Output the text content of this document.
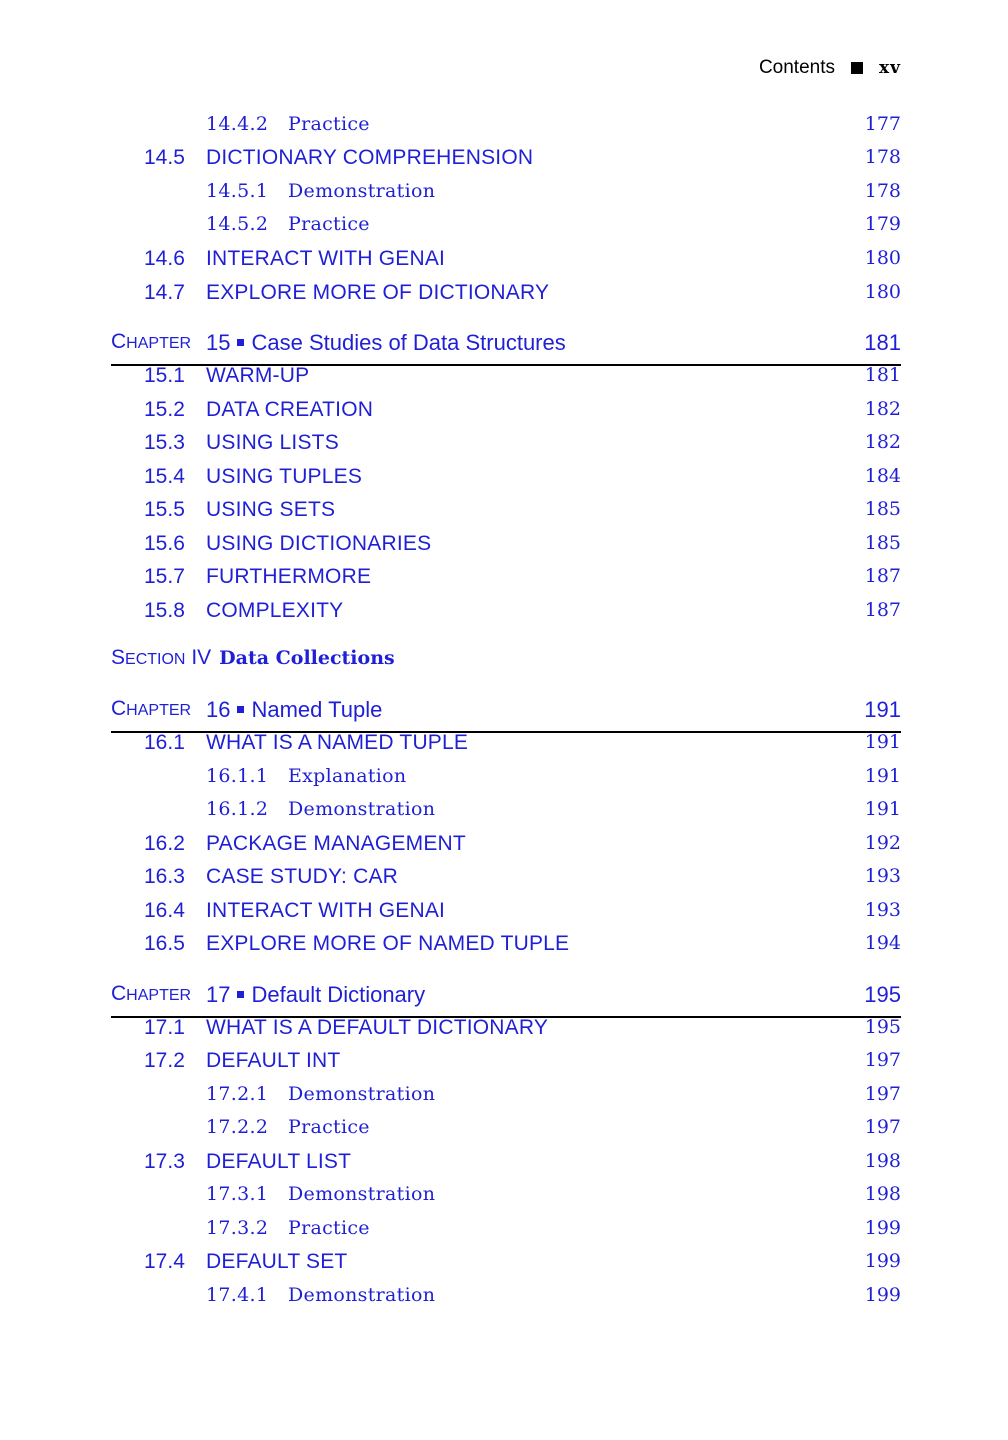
Contents	xv
14.4.2 Practice	177
14.5 DICTIONARY COMPREHENSION	178
14.5.1 Demonstration	178
14.5.2 Practice	179
14.6 INTERACT WITH GENAI	180
14.7 EXPLORE MORE OF DICTIONARY	180
CHAPTER 15 Case Studies of Data Structures	181
15.1 WARM-UP	181
15.2 DATA CREATION	182
15.3 USING LISTS	182
15.4 USING TUPLES	184
15.5 USING SETS	185
15.6 USING DICTIONARIES	185
15.7 FURTHERMORE	187
15.8 COMPLEXITY	187
SECTION IV Data Collections
CHAPTER 16 Named Tuple	191
16.1 WHAT IS A NAMED TUPLE	191
16.1.1 Explanation	191
16.1.2 Demonstration	191
16.2 PACKAGE MANAGEMENT	192
16.3 CASE STUDY: CAR	193
16.4 INTERACT WITH GENAI	193
16.5 EXPLORE MORE OF NAMED TUPLE	194
CHAPTER 17 Default Dictionary	195
17.1 WHAT IS A DEFAULT DICTIONARY	195
17.2 DEFAULT INT	197
17.2.1 Demonstration	197
17.2.2 Practice	197
17.3 DEFAULT LIST	198
17.3.1 Demonstration	198
17.3.2 Practice	199
17.4 DEFAULT SET	199
17.4.1 Demonstration	199
